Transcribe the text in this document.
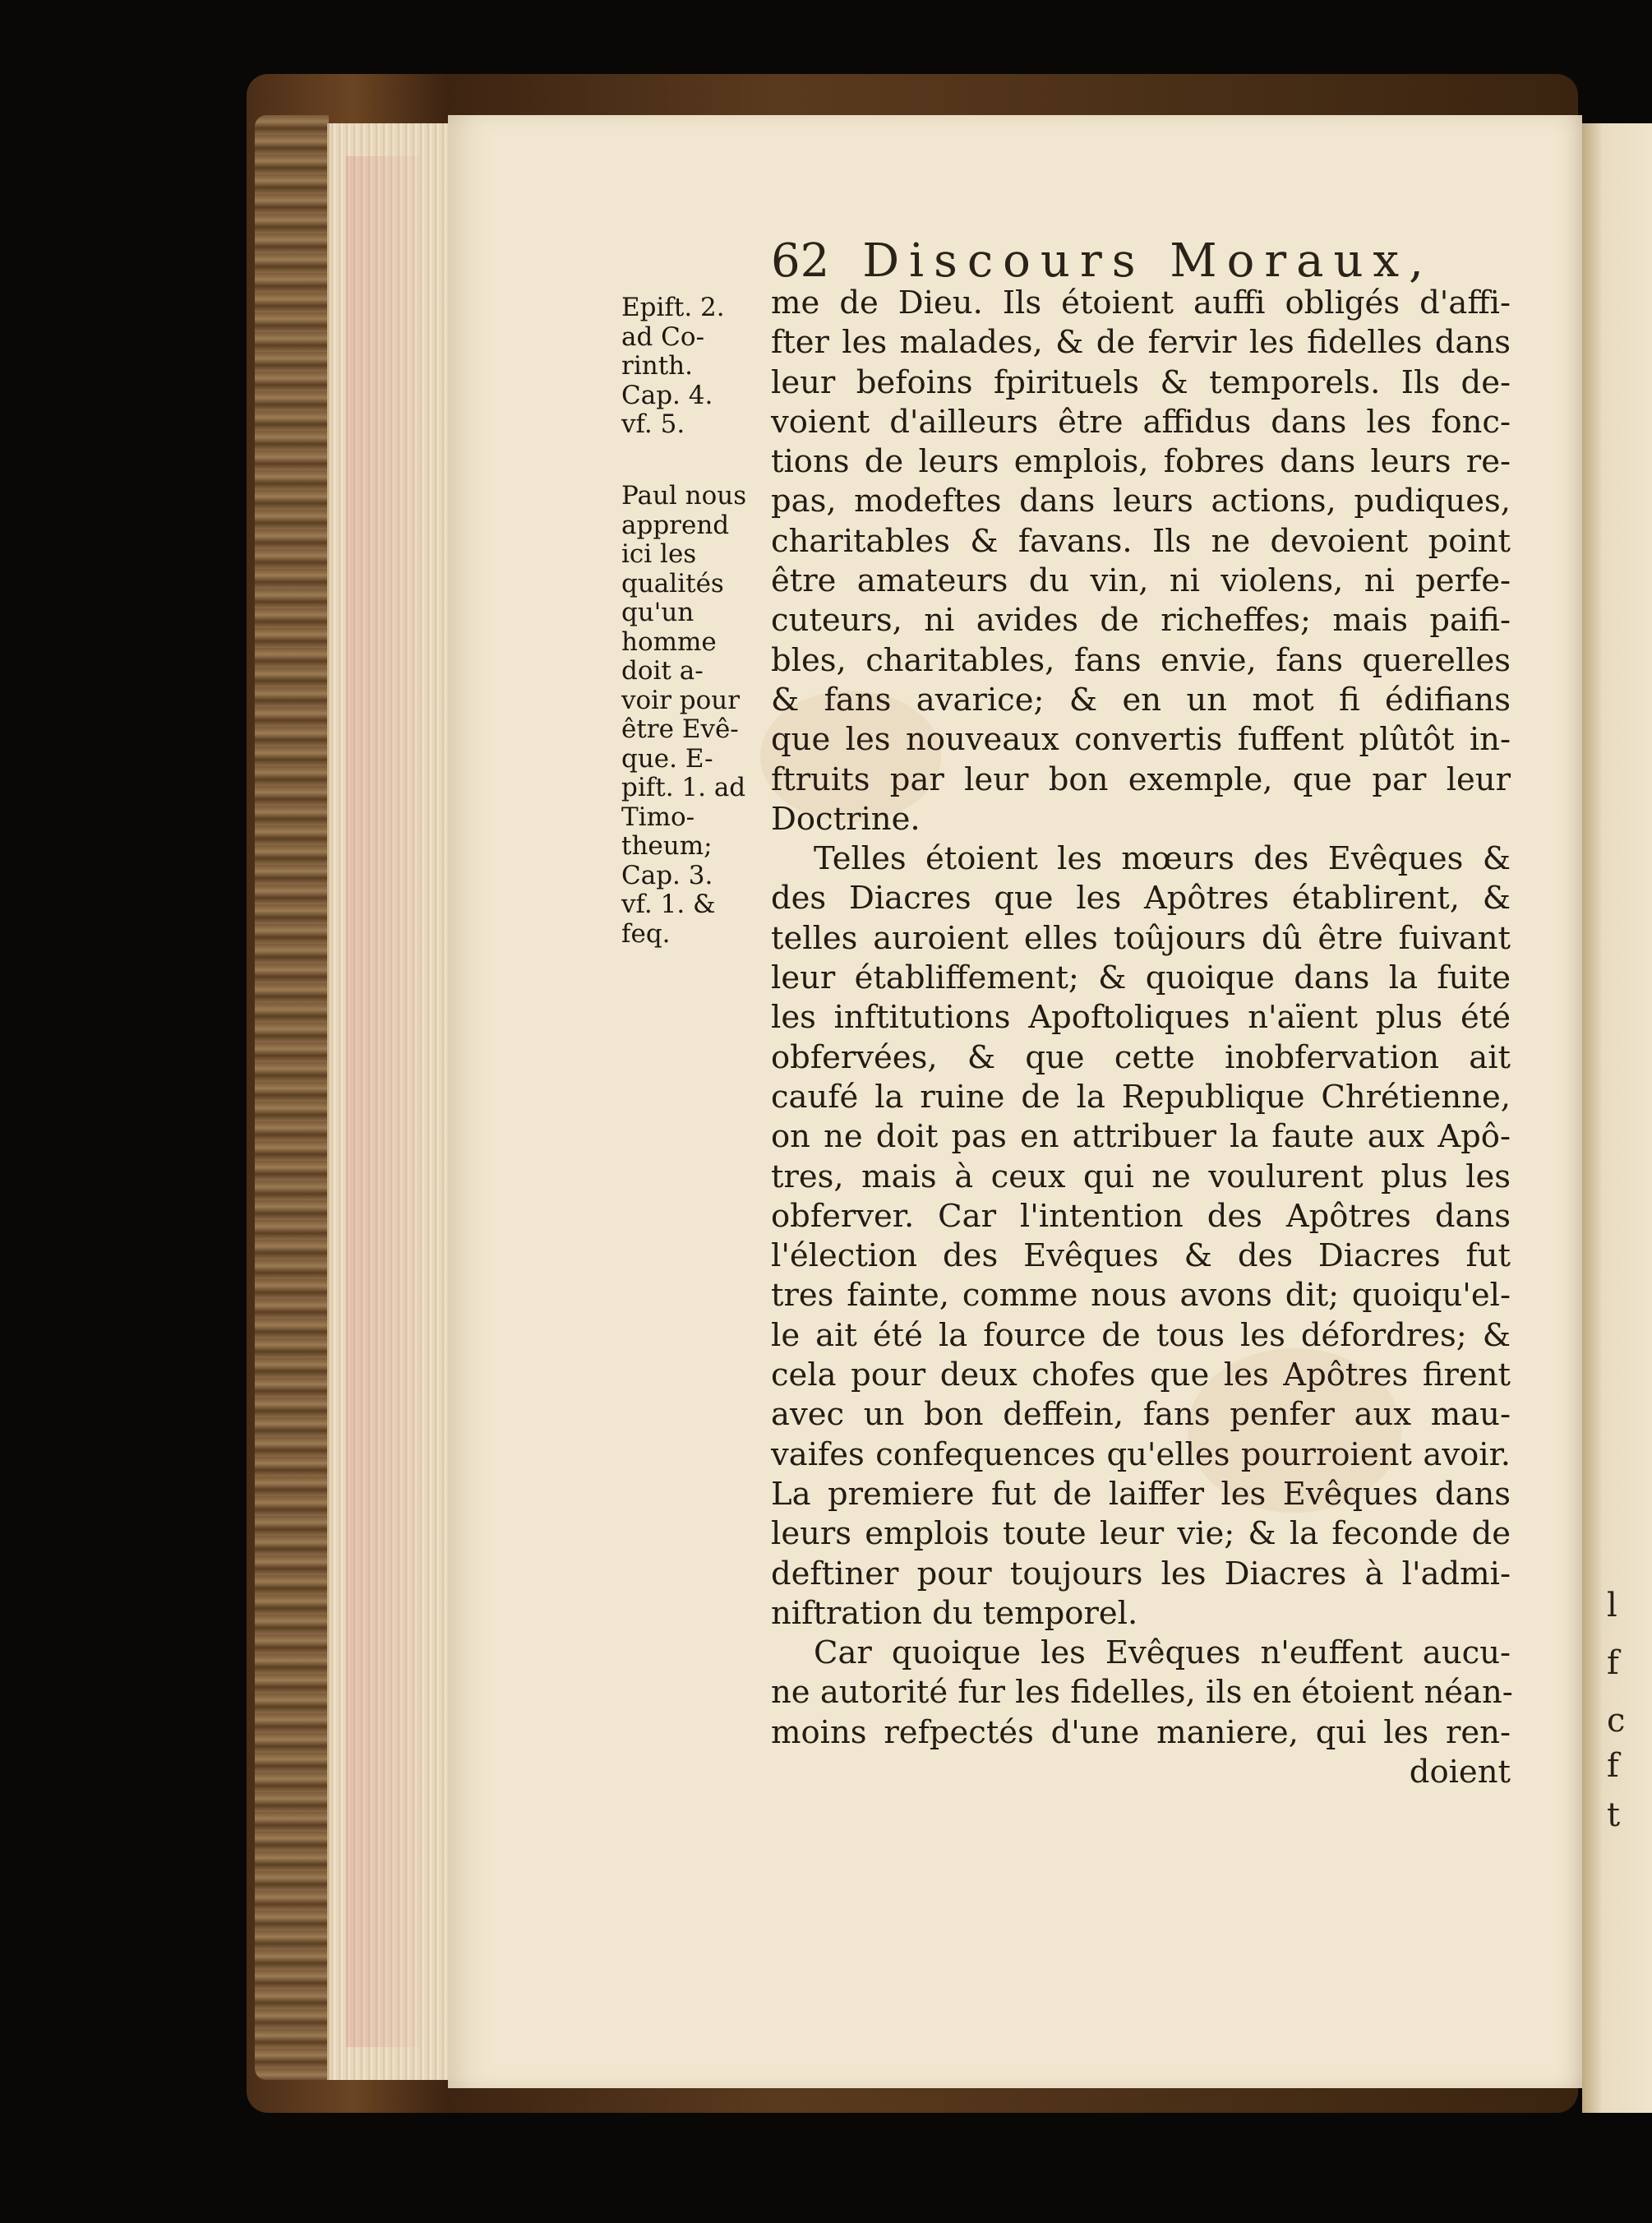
l
f
c
f
t
62 Discours Moraux,
Epift. 2.
ad Co-
rinth.
Cap. 4.
vf. 5.
Paul nous
apprend
ici les
qualités
qu'un
homme
doit a-
voir pour
être Evê-
que. E-
pift. 1. ad
Timo-
theum;
Cap. 3.
vf. 1. &
feq.
me de Dieu. Ils étoient auffi obligés d'affi-
fter les malades, & de fervir les fidelles dans
leur befoins fpirituels & temporels. Ils de-
voient d'ailleurs être affidus dans les fonc-
tions de leurs emplois, fobres dans leurs re-
pas, modeftes dans leurs actions, pudiques,
charitables & favans. Ils ne devoient point
être amateurs du vin, ni violens, ni perfe-
cuteurs, ni avides de richeffes; mais paifi-
bles, charitables, fans envie, fans querelles
& fans avarice; & en un mot fi édifians
que les nouveaux convertis fuffent plûtôt in-
ftruits par leur bon exemple, que par leur
Doctrine.
Telles étoient les mœurs des Evêques &
des Diacres que les Apôtres établirent, &
telles auroient elles toûjours dû être fuivant
leur établiffement; & quoique dans la fuite
les inftitutions Apoftoliques n'aïent plus été
obfervées, & que cette inobfervation ait
caufé la ruine de la Republique Chrétienne,
on ne doit pas en attribuer la faute aux Apô-
tres, mais à ceux qui ne voulurent plus les
obferver. Car l'intention des Apôtres dans
l'élection des Evêques & des Diacres fut
tres fainte, comme nous avons dit; quoiqu'el-
le ait été la fource de tous les défordres; &
cela pour deux chofes que les Apôtres firent
avec un bon deffein, fans penfer aux mau-
vaifes confequences qu'elles pourroient avoir.
La premiere fut de laiffer les Evêques dans
leurs emplois toute leur vie; & la feconde de
deftiner pour toujours les Diacres à l'admi-
niftration du temporel.
Car quoique les Evêques n'euffent aucu-
ne autorité fur les fidelles, ils en étoient néan-
moins refpectés d'une maniere, qui les ren-
doient
